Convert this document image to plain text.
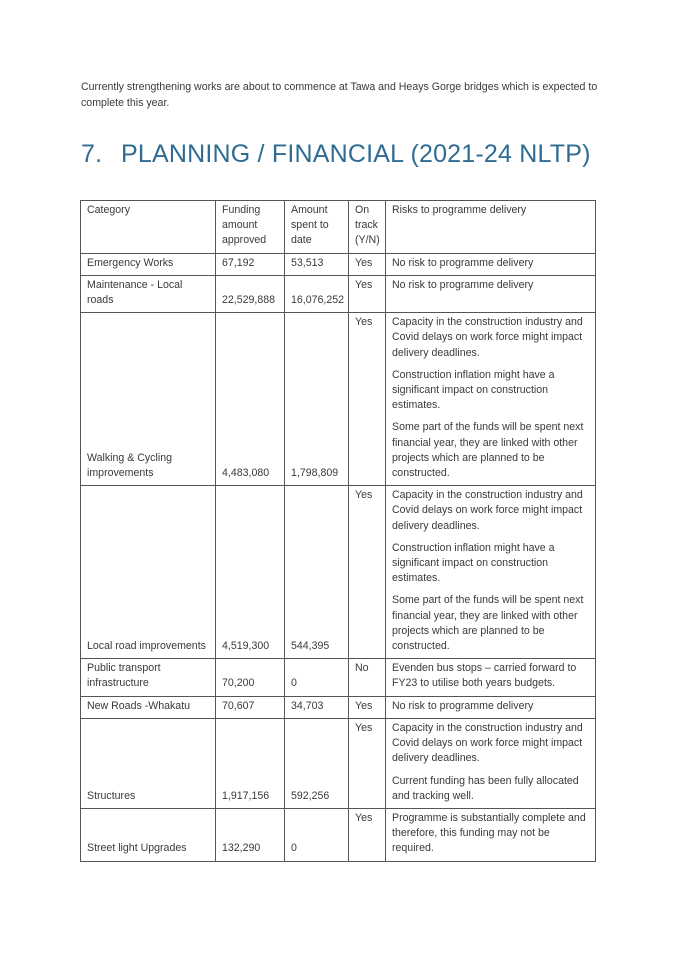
Currently strengthening works are about to commence at Tawa and Heays Gorge bridges which is expected to complete this year.

7. PLANNING / FINANCIAL (2021-24 NLTP)
Category	Funding amount approved	Amount spent to date	On track (Y/N)	Risks to programme delivery
Emergency Works	67,192	53,513	Yes	No risk to programme delivery

Maintenance - Local roads	22,529,888	16,076,252	Yes	No risk to programme delivery

Walking & Cycling improvements	4,483,080	1,798,809	Yes	Capacity in the construction industry and Covid delays on work force might impact delivery deadlines.

Construction inflation might have a significant impact on construction estimates.

Some part of the funds will be spent next financial year, they are linked with other projects which are planned to be constructed.

Local road improvements	4,519,300	544,395	Yes	Capacity in the construction industry and Covid delays on work force might impact delivery deadlines.

Construction inflation might have a significant impact on construction estimates.

Some part of the funds will be spent next financial year, they are linked with other projects which are planned to be constructed.

Public transport infrastructure	70,200	0	No	Evenden bus stops – carried forward to FY23 to utilise both years budgets.

New Roads -Whakatu	70,607	34,703	Yes	No risk to programme delivery

Structures	1,917,156	592,256	Yes	Capacity in the construction industry and Covid delays on work force might impact delivery deadlines.

Current funding has been fully allocated and tracking well.

Street light Upgrades	132,290	0	Yes	Programme is substantially complete and therefore, this funding may not be required.
